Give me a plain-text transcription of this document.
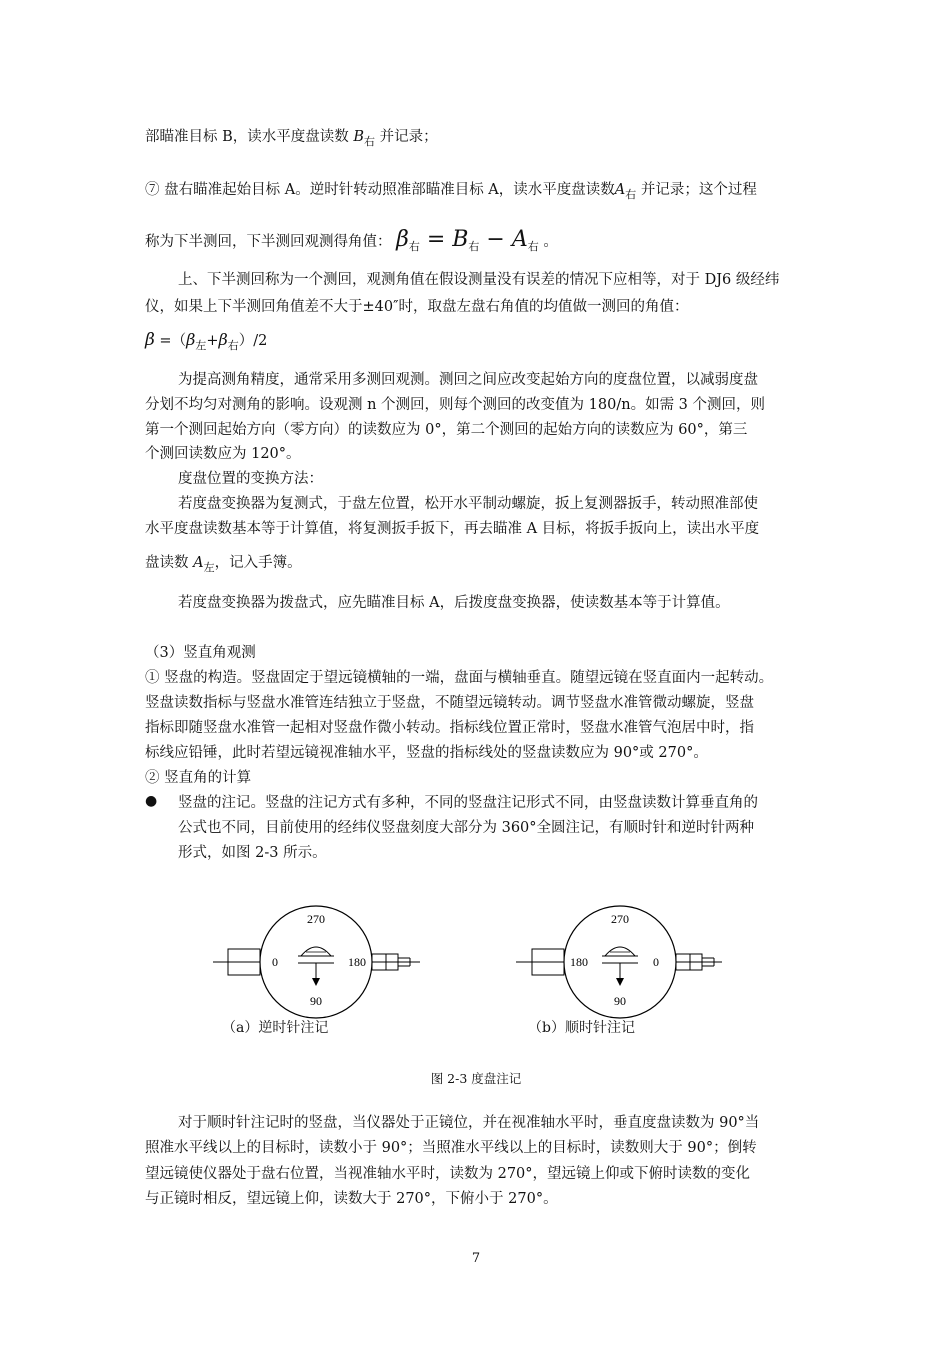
部瞄准目标 B，读水平度盘读数 $B_右$ 并记录；
⑦ 盘右瞄准起始目标 A。逆时针转动照准部瞄准目标 A，读水平度盘读数$A_右$ 并记录；这个过程
称为下半测回，下半测回观测得角值： $\beta_右 = B_右 - A_右$ 。
上、下半测回称为一个测回，观测角值在假设测量没有误差的情况下应相等，对于 DJ6 级经纬
仪，如果上下半测回角值差不大于±40″时，取盘左盘右角值的均值做一测回的角值：
$\beta =(\beta_左+\beta_右)/2$
为提高测角精度，通常采用多测回观测。测回之间应改变起始方向的度盘位置，以减弱度盘
分划不均匀对测角的影响。设观测 n 个测回，则每个测回的改变值为 180/n。如需 3 个测回，则
第一个测回起始方向（零方向）的读数应为 0°，第二个测回的起始方向的读数应为 60°，第三
个测回读数应为 120°。
度盘位置的变换方法：
若度盘变换器为复测式，于盘左位置，松开水平制动螺旋，扳上复测器扳手，转动照准部使
水平度盘读数基本等于计算值，将复测扳手扳下，再去瞄准 A 目标，将扳手扳向上，读出水平度
盘读数 $A_左$，记入手簿。
若度盘变换器为拨盘式，应先瞄准目标 A，后拨度盘变换器，使读数基本等于计算值。
（3）竖直角观测
① 竖盘的构造。竖盘固定于望远镜横轴的一端，盘面与横轴垂直。随望远镜在竖直面内一起转动。
竖盘读数指标与竖盘水准管连结独立于竖盘，不随望远镜转动。调节竖盘水准管微动螺旋，竖盘
指标即随竖盘水准管一起相对竖盘作微小转动。指标线位置正常时，竖盘水准管气泡居中时，指
标线应铅锤，此时若望远镜视准轴水平，竖盘的指标线处的竖盘读数应为 90°或 270°。
② 竖直角的计算
● 竖盘的注记。竖盘的注记方式有多种，不同的竖盘注记形式不同，由竖盘读数计算垂直角的
公式也不同，目前使用的经纬仪竖盘刻度大部分为 360°全圆注记，有顺时针和逆时针两种
形式，如图 2-3 所示。
270
0	180
90
270
180	0
90
（a）逆时针注记	（b）顺时针注记
图 2-3 度盘注记
对于顺时针注记时的竖盘，当仪器处于正镜位，并在视准轴水平时，垂直度盘读数为 90°当
照准水平线以上的目标时，读数小于 90°；当照准水平线以上的目标时，读数则大于 90°；倒转
望远镜使仪器处于盘右位置，当视准轴水平时，读数为 270°，望远镜上仰或下俯时读数的变化
与正镜时相反，望远镜上仰，读数大于 270°，下俯小于 270°。
7
